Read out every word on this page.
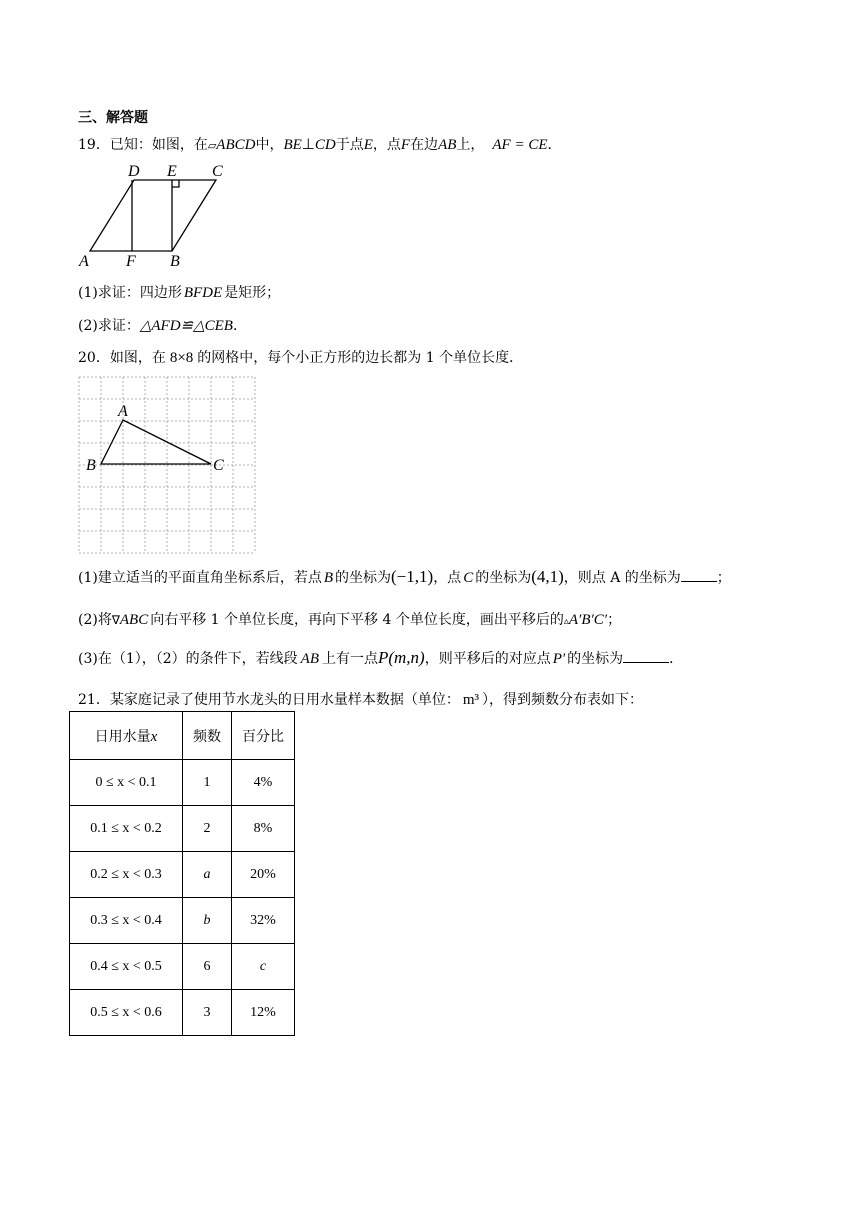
三、解答题
19．已知：如图，在▱ABCD中，BE⊥CD于点E，点F在边AB上， AF = CE．
D E C
A F B
(1)求证：四边形 BFDE 是矩形；
(2)求证：△AFD≌△CEB．
20．如图，在 8×8 的网格中，每个小正方形的边长都为 1 个单位长度．
A
B	C
(1)建立适当的平面直角坐标系后，若点 B 的坐标为(−1,1)，点 C 的坐标为(4,1)，则点 A 的坐标为	；
(2)将∇ABC 向右平移 1 个单位长度，再向下平移 4 个单位长度，画出平移后的▵A′B′C′；
(3)在（1），（2）的条件下，若线段 AB 上有一点P(m,n)，则平移后的对应点 P′ 的坐标为	．
21．某家庭记录了使用节水龙头的日用水量样本数据（单位： m³ ），得到频数分布表如下：
日用水量x	频数	百分比
0 ≤ x < 0.1	1	4%
0.1 ≤ x < 0.2	2	8%
0.2 ≤ x < 0.3	a	20%
0.3 ≤ x < 0.4	b	32%
0.4 ≤ x < 0.5	6	c
0.5 ≤ x < 0.6	3	12%
